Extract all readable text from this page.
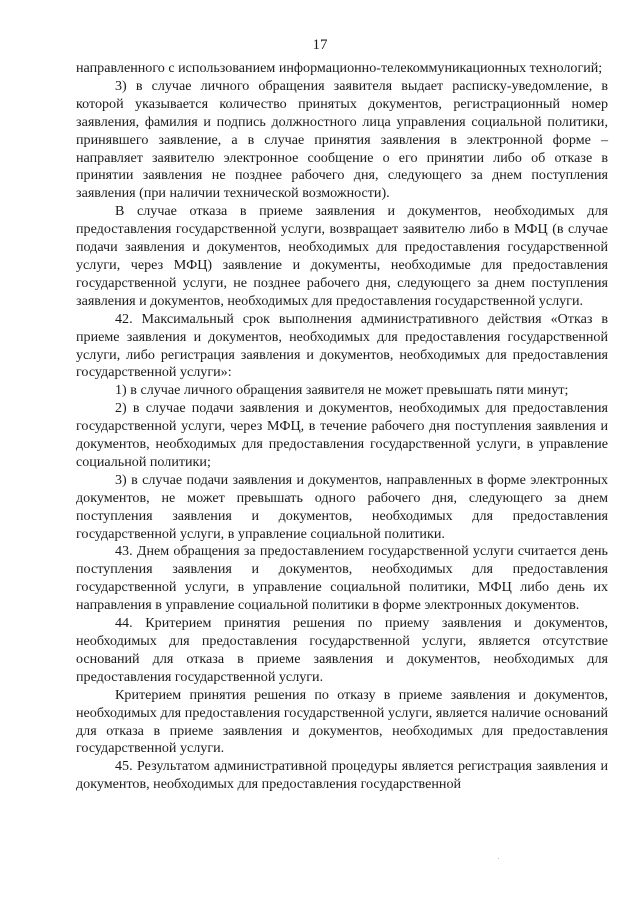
17

направленного с использованием информационно-телекоммуникационных технологий;

3) в случае личного обращения заявителя выдает расписку-уведомление, в которой указывается количество принятых документов, регистрационный номер заявления, фамилия и подпись должностного лица управления социальной политики, принявшего заявление, а в случае принятия заявления в электронной форме – направляет заявителю электронное сообщение о его принятии либо об отказе в принятии заявления не позднее рабочего дня, следующего за днем поступления заявления (при наличии технической возможности).

В случае отказа в приеме заявления и документов, необходимых для предоставления государственной услуги, возвращает заявителю либо в МФЦ (в случае подачи заявления и документов, необходимых для предоставления государственной услуги, через МФЦ) заявление и документы, необходимые для предоставления государственной услуги, не позднее рабочего дня, следующего за днем поступления заявления и документов, необходимых для предоставления государственной услуги.

42. Максимальный срок выполнения административного действия «Отказ в приеме заявления и документов, необходимых для предоставления государственной услуги, либо регистрация заявления и документов, необходимых для предоставления государственной услуги»:

1) в случае личного обращения заявителя не может превышать пяти минут;

2) в случае подачи заявления и документов, необходимых для предоставления государственной услуги, через МФЦ, в течение рабочего дня поступления заявления и документов, необходимых для предоставления государственной услуги, в управление социальной политики;

3) в случае подачи заявления и документов, направленных в форме электронных документов, не может превышать одного рабочего дня, следующего за днем поступления заявления и документов, необходимых для предоставления государственной услуги, в управление социальной политики.

43. Днем обращения за предоставлением государственной услуги считается день поступления заявления и документов, необходимых для предоставления государственной услуги, в управление социальной политики, МФЦ либо день их направления в управление социальной политики в форме электронных документов.

44. Критерием принятия решения по приему заявления и документов, необходимых для предоставления государственной услуги, является отсутствие оснований для отказа в приеме заявления и документов, необходимых для предоставления государственной услуги.

Критерием принятия решения по отказу в приеме заявления и документов, необходимых для предоставления государственной услуги, является наличие оснований для отказа в приеме заявления и документов, необходимых для предоставления государственной услуги.

45. Результатом административной процедуры является регистрация заявления и документов, необходимых для предоставления государственной
